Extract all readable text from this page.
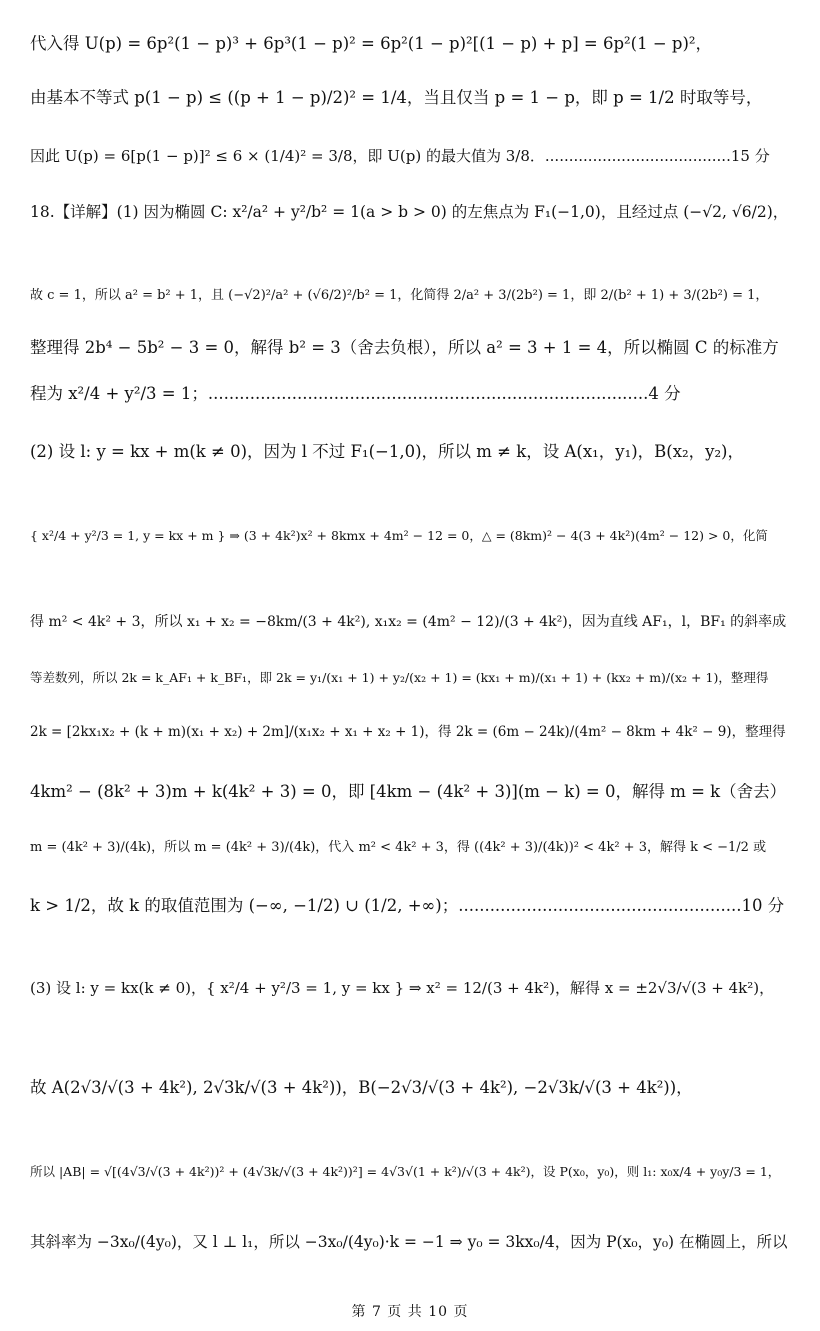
代入得 U(p) = 6p²(1 − p)³ + 6p³(1 − p)² = 6p²(1 − p)²[(1 − p) + p] = 6p²(1 − p)²，
由基本不等式 p(1 − p) ≤ ((p + 1 − p)/2)² = 1/4，当且仅当 p = 1 − p，即 p = 1/2 时取等号，
因此 U(p) = 6[p(1 − p)]² ≤ 6 × (1/4)² = 3/8，即 U(p) 的最大值为 3/8．.......................................15 分
18.【详解】(1) 因为椭圆 C: x²/a² + y²/b² = 1(a > b > 0) 的左焦点为 F₁(−1,0)，且经过点 (−√2, √6/2)，
故 c = 1，所以 a² = b² + 1，且 (−√2)²/a² + (√6/2)²/b² = 1，化简得 2/a² + 3/(2b²) = 1，即 2/(b² + 1) + 3/(2b²) = 1，
整理得 2b⁴ − 5b² − 3 = 0，解得 b² = 3（舍去负根），所以 a² = 3 + 1 = 4，所以椭圆 C 的标准方
程为 x²/4 + y²/3 = 1；....................................................................................4 分
(2) 设 l: y = kx + m(k ≠ 0)，因为 l 不过 F₁(−1,0)，所以 m ≠ k，设 A(x₁，y₁)，B(x₂，y₂)，
{ x²/4 + y²/3 = 1, y = kx + m } ⇒ (3 + 4k²)x² + 8kmx + 4m² − 12 = 0，△ = (8km)² − 4(3 + 4k²)(4m² − 12) > 0，化简
得 m² < 4k² + 3，所以 x₁ + x₂ = −8km/(3 + 4k²), x₁x₂ = (4m² − 12)/(3 + 4k²)，因为直线 AF₁，l，BF₁ 的斜率成
等差数列，所以 2k = k_AF₁ + k_BF₁，即 2k = y₁/(x₁ + 1) + y₂/(x₂ + 1) = (kx₁ + m)/(x₁ + 1) + (kx₂ + m)/(x₂ + 1)，整理得
2k = [2kx₁x₂ + (k + m)(x₁ + x₂) + 2m]/(x₁x₂ + x₁ + x₂ + 1)，得 2k = (6m − 24k)/(4m² − 8km + 4k² − 9)，整理得
4km² − (8k² + 3)m + k(4k² + 3) = 0，即 [4km − (4k² + 3)](m − k) = 0，解得 m = k（舍去）
m = (4k² + 3)/(4k)，所以 m = (4k² + 3)/(4k)，代入 m² < 4k² + 3，得 ((4k² + 3)/(4k))² < 4k² + 3，解得 k < −1/2 或
k > 1/2，故 k 的取值范围为 (−∞, −1/2) ∪ (1/2, +∞)；......................................................10 分
(3) 设 l: y = kx(k ≠ 0)，{ x²/4 + y²/3 = 1, y = kx } ⇒ x² = 12/(3 + 4k²)，解得 x = ±2√3/√(3 + 4k²)，
故 A(2√3/√(3 + 4k²), 2√3k/√(3 + 4k²))，B(−2√3/√(3 + 4k²), −2√3k/√(3 + 4k²))，
所以 |AB| = √[(4√3/√(3 + 4k²))² + (4√3k/√(3 + 4k²))²] = 4√3√(1 + k²)/√(3 + 4k²)，设 P(x₀，y₀)，则 l₁: x₀x/4 + y₀y/3 = 1，
其斜率为 −3x₀/(4y₀)，又 l ⊥ l₁，所以 −3x₀/(4y₀)·k = −1 ⇒ y₀ = 3kx₀/4，因为 P(x₀，y₀) 在椭圆上，所以
第 7 页 共 10 页
